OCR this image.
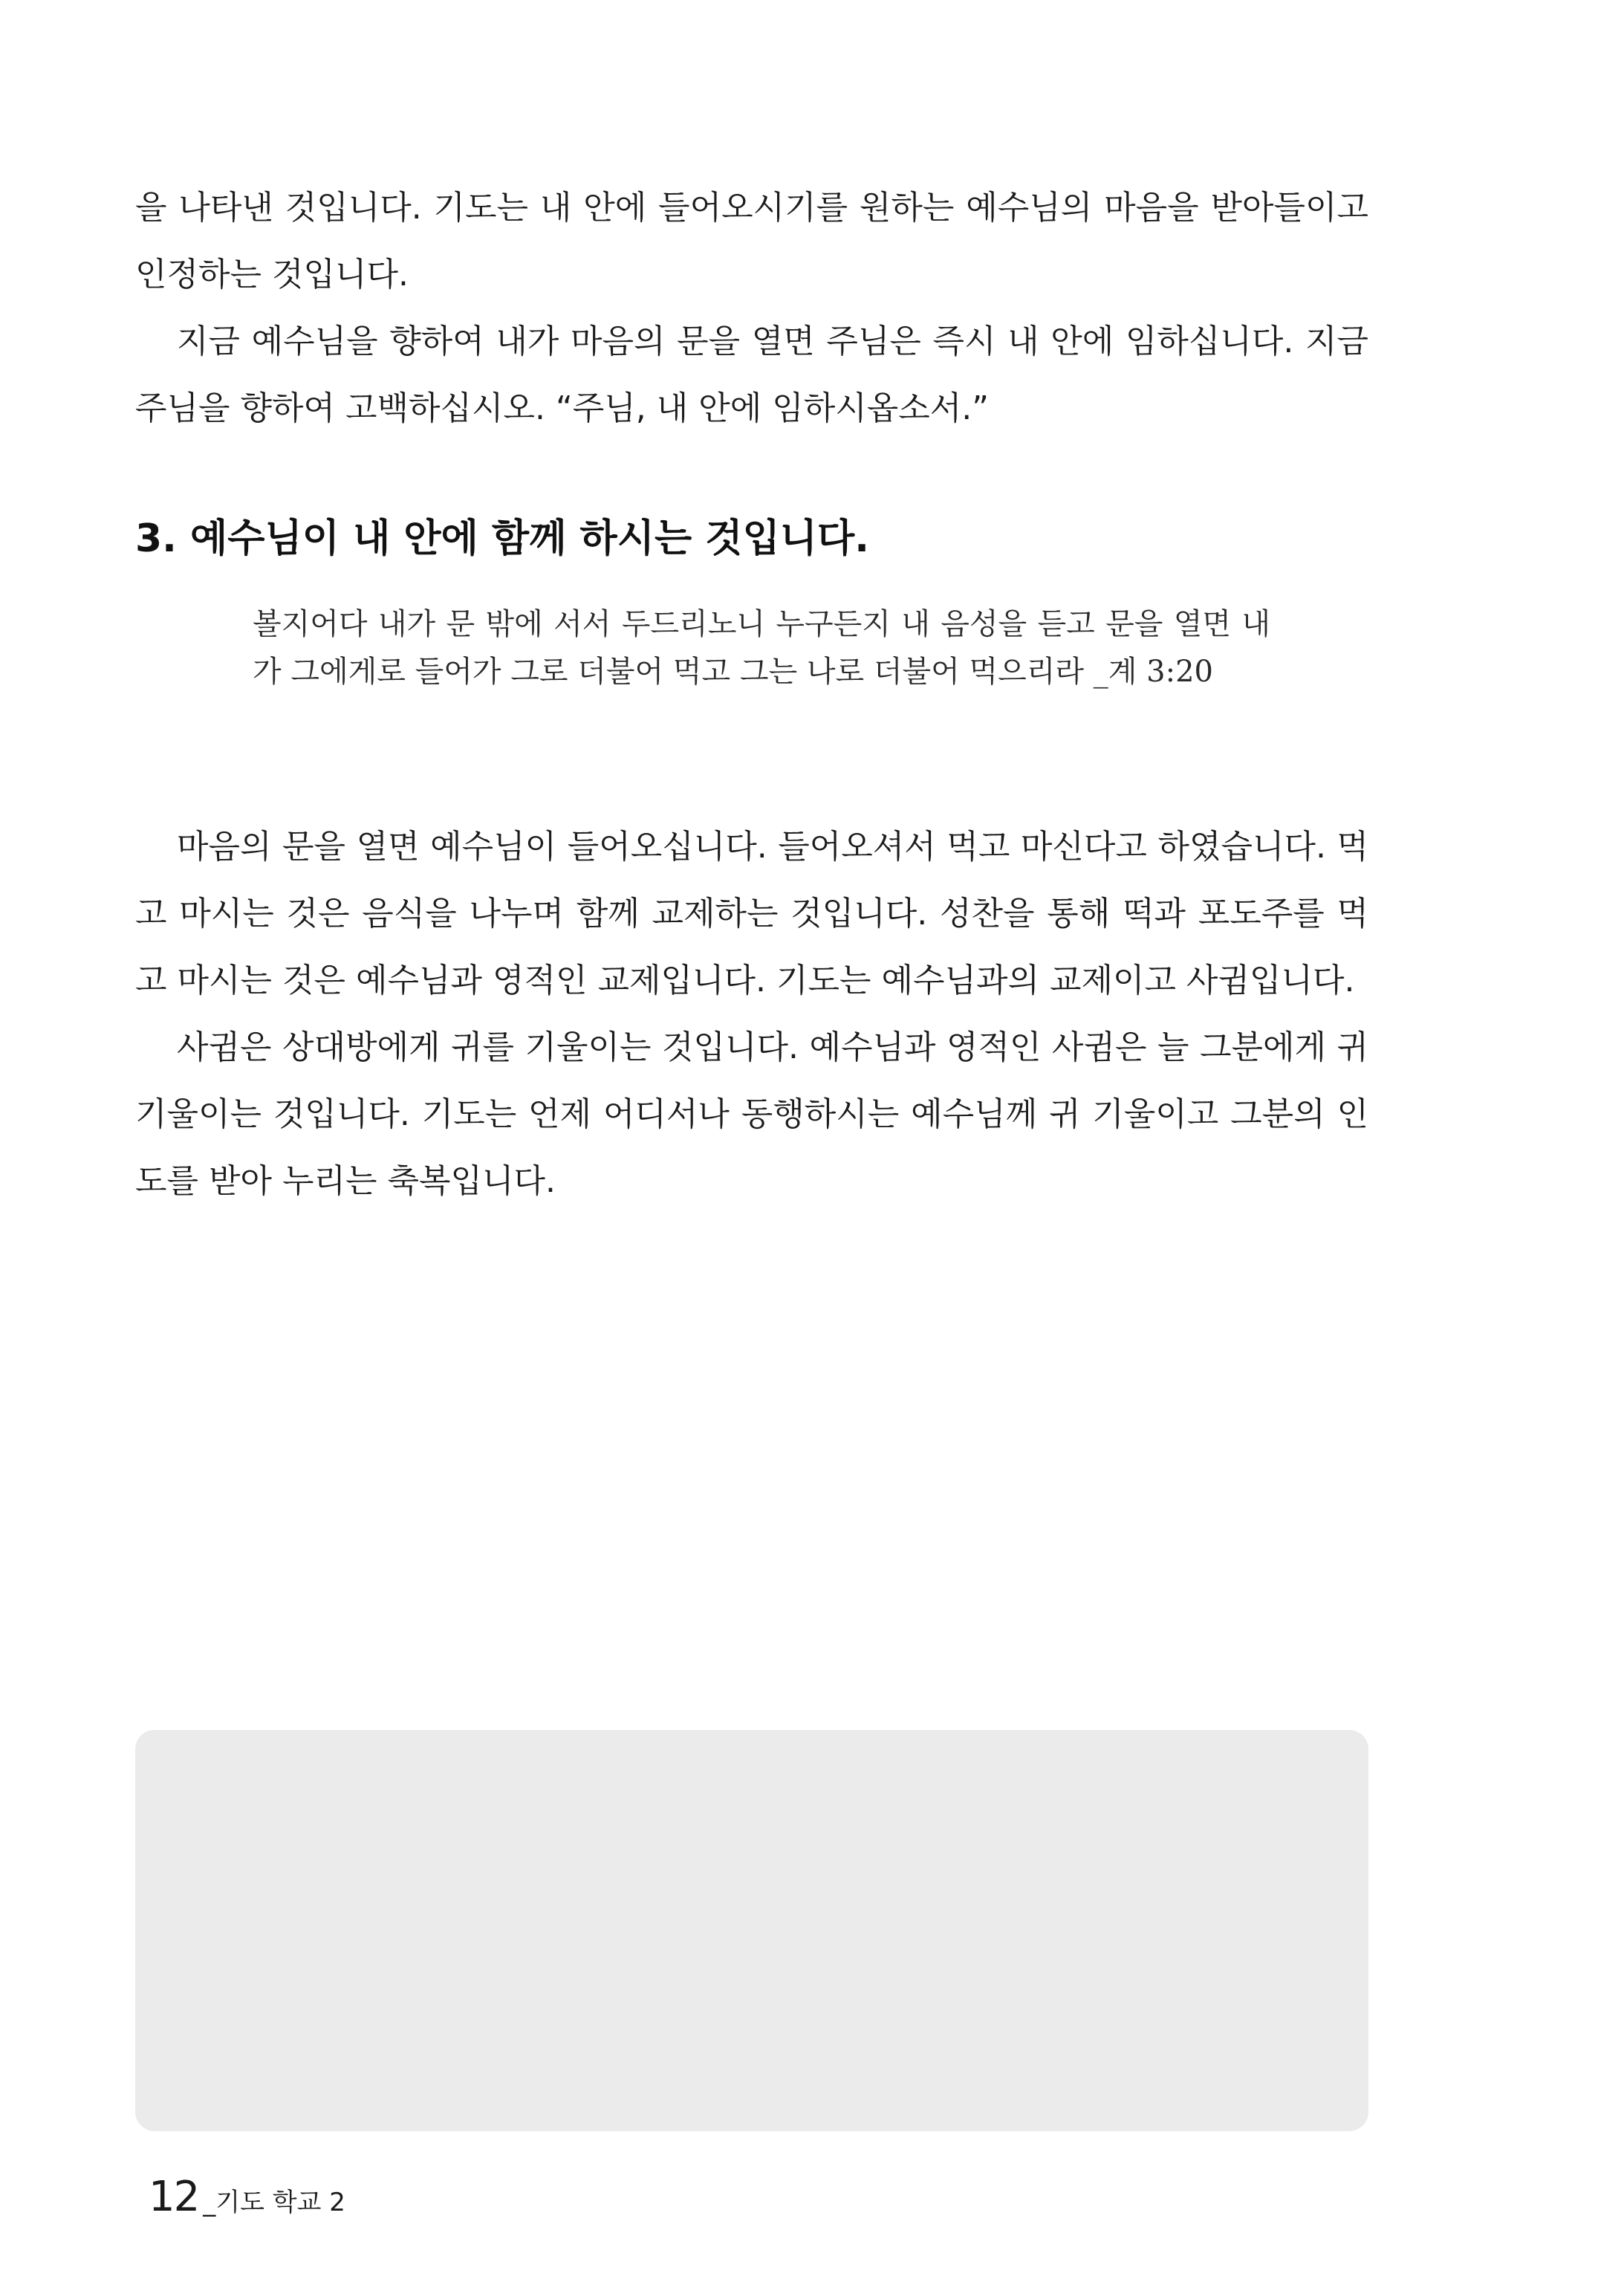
을 나타낸 것입니다. 기도는 내 안에 들어오시기를 원하는 예수님의 마음을 받아들이고 인정하는 것입니다.

지금 예수님을 향하여 내가 마음의 문을 열면 주님은 즉시 내 안에 임하십니다. 지금 주님을 향하여 고백하십시오. “주님, 내 안에 임하시옵소서.”

3. 예수님이 내 안에 함께 하시는 것입니다.

볼지어다 내가 문 밖에 서서 두드리노니 누구든지 내 음성을 듣고 문을 열면 내가 그에게로 들어가 그로 더불어 먹고 그는 나로 더불어 먹으리라 _계 3:20

마음의 문을 열면 예수님이 들어오십니다. 들어오셔서 먹고 마신다고 하였습니다. 먹고 마시는 것은 음식을 나누며 함께 교제하는 것입니다. 성찬을 통해 떡과 포도주를 먹고 마시는 것은 예수님과 영적인 교제입니다. 기도는 예수님과의 교제이고 사귐입니다.

사귐은 상대방에게 귀를 기울이는 것입니다. 예수님과 영적인 사귐은 늘 그분에게 귀 기울이는 것입니다. 기도는 언제 어디서나 동행하시는 예수님께 귀 기울이고 그분의 인도를 받아 누리는 축복입니다.

12 _기도 학교 2
